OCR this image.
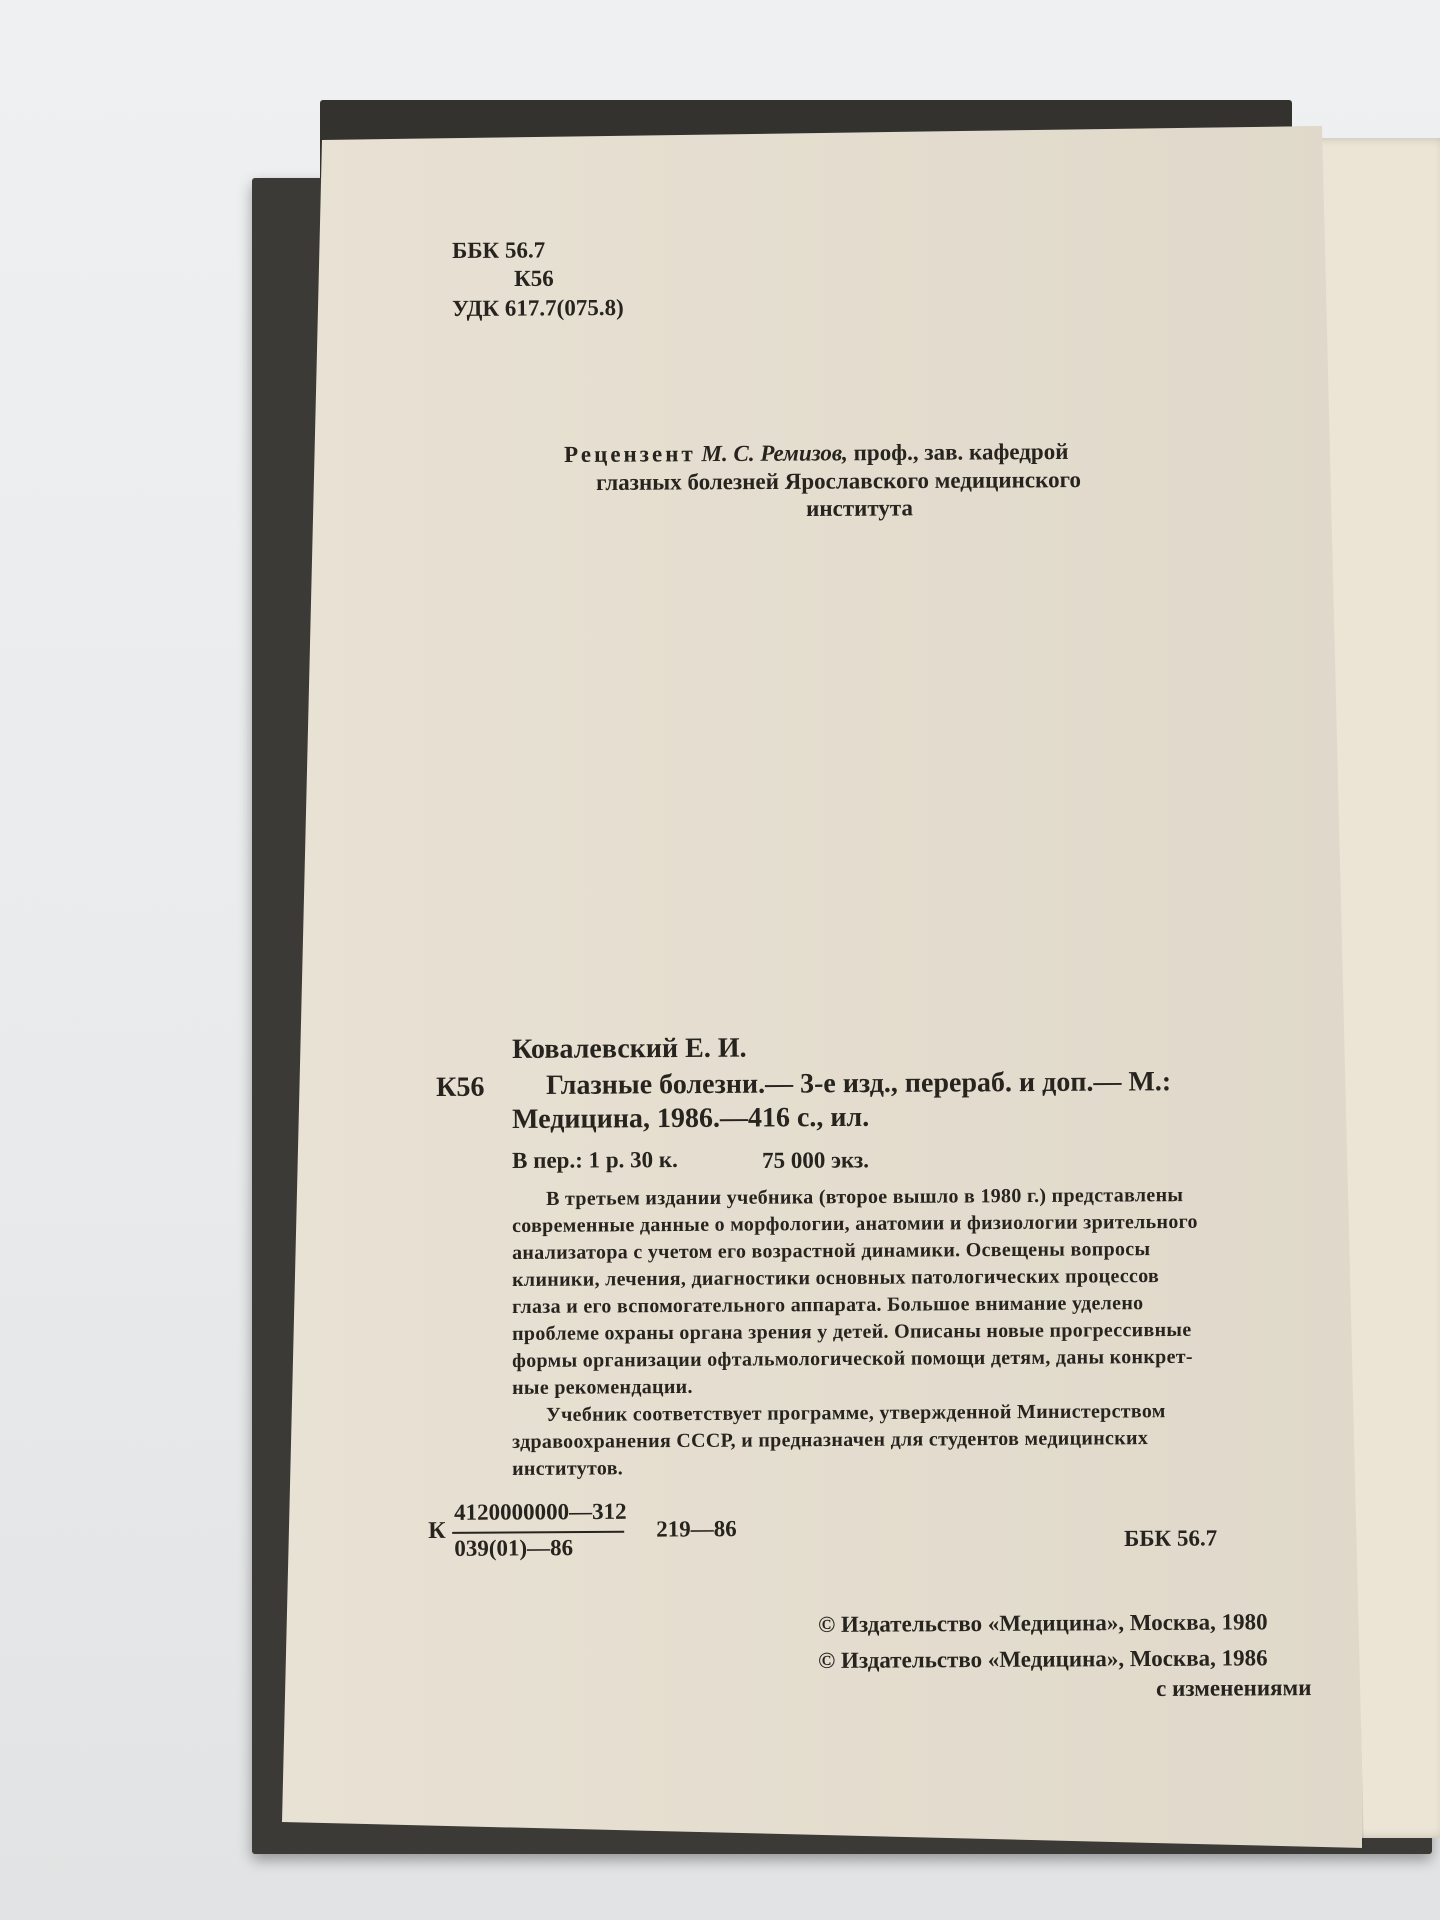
ББК 56.7
К56
УДК 617.7(075.8)
Рецензент М. С. Ремизов, проф., зав. кафедрой
глазных болезней Ярославского медицинского
института
Ковалевский Е. И.
К56 Глазные болезни.— 3-е изд., перераб. и доп.— М.:
Медицина, 1986.—416 с., ил.
В пер.: 1 р. 30 к.	75 000 экз.
В третьем издании учебника (второе вышло в 1980 г.) представлены
современные данные о морфологии, анатомии и физиологии зрительного
анализатора с учетом его возрастной динамики. Освещены вопросы
клиники, лечения, диагностики основных патологических процессов
глаза и его вспомогательного аппарата. Большое внимание уделено
проблеме охраны органа зрения у детей. Описаны новые прогрессивные
формы организации офтальмологической помощи детям, даны конкрет-
ные рекомендации.
Учебник соответствует программе, утвержденной Министерством
здравоохранения СССР, и предназначен для студентов медицинских
институтов.
К
4120000000—312
039(01)—86
219—86	ББК 56.7
© Издательство «Медицина», Москва, 1980
© Издательство «Медицина», Москва, 1986
с изменениями
